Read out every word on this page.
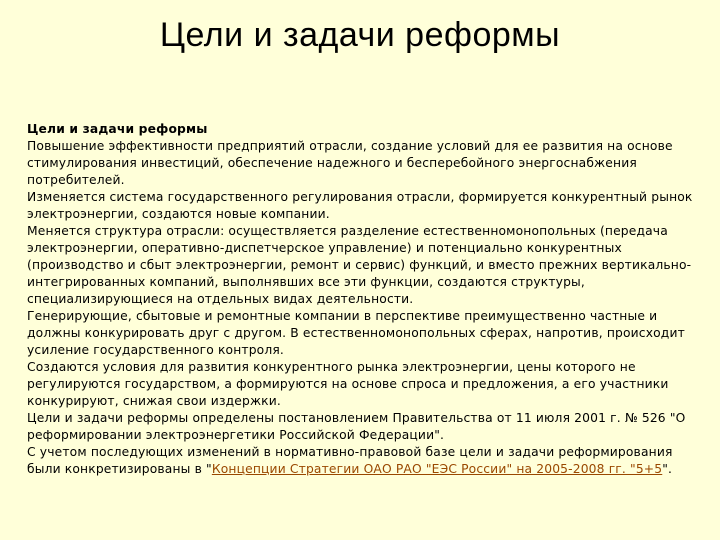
Цели и задачи реформы

Цели и задачи реформы

Повышение эффективности предприятий отрасли, создание условий для ее развития на основе стимулирования инвестиций, обеспечение надежного и бесперебойного энергоснабжения потребителей.

Изменяется система государственного регулирования отрасли, формируется конкурентный рынок электроэнергии, создаются новые компании.

Меняется структура отрасли: осуществляется разделение естественномонопольных (передача электроэнергии, оперативно-диспетчерское управление) и потенциально конкурентных (производство и сбыт электроэнергии, ремонт и сервис) функций, и вместо прежних вертикально-интегрированных компаний, выполнявших все эти функции, создаются структуры, специализирующиеся на отдельных видах деятельности.

Генерирующие, сбытовые и ремонтные компании в перспективе преимущественно частные и должны конкурировать друг с другом. В естественномонопольных сферах, напротив, происходит усиление государственного контроля.

Создаются условия для развития конкурентного рынка электроэнергии, цены которого не регулируются государством, а формируются на основе спроса и предложения, а его участники конкурируют, снижая свои издержки.

Цели и задачи реформы определены постановлением Правительства от 11 июля 2001 г. № 526 "О реформировании электроэнергетики Российской Федерации".

С учетом последующих изменений в нормативно-правовой базе цели и задачи реформирования были конкретизированы в "Концепции Стратегии ОАО РАО "ЕЭС России" на 2005-2008 гг. "5+5".
